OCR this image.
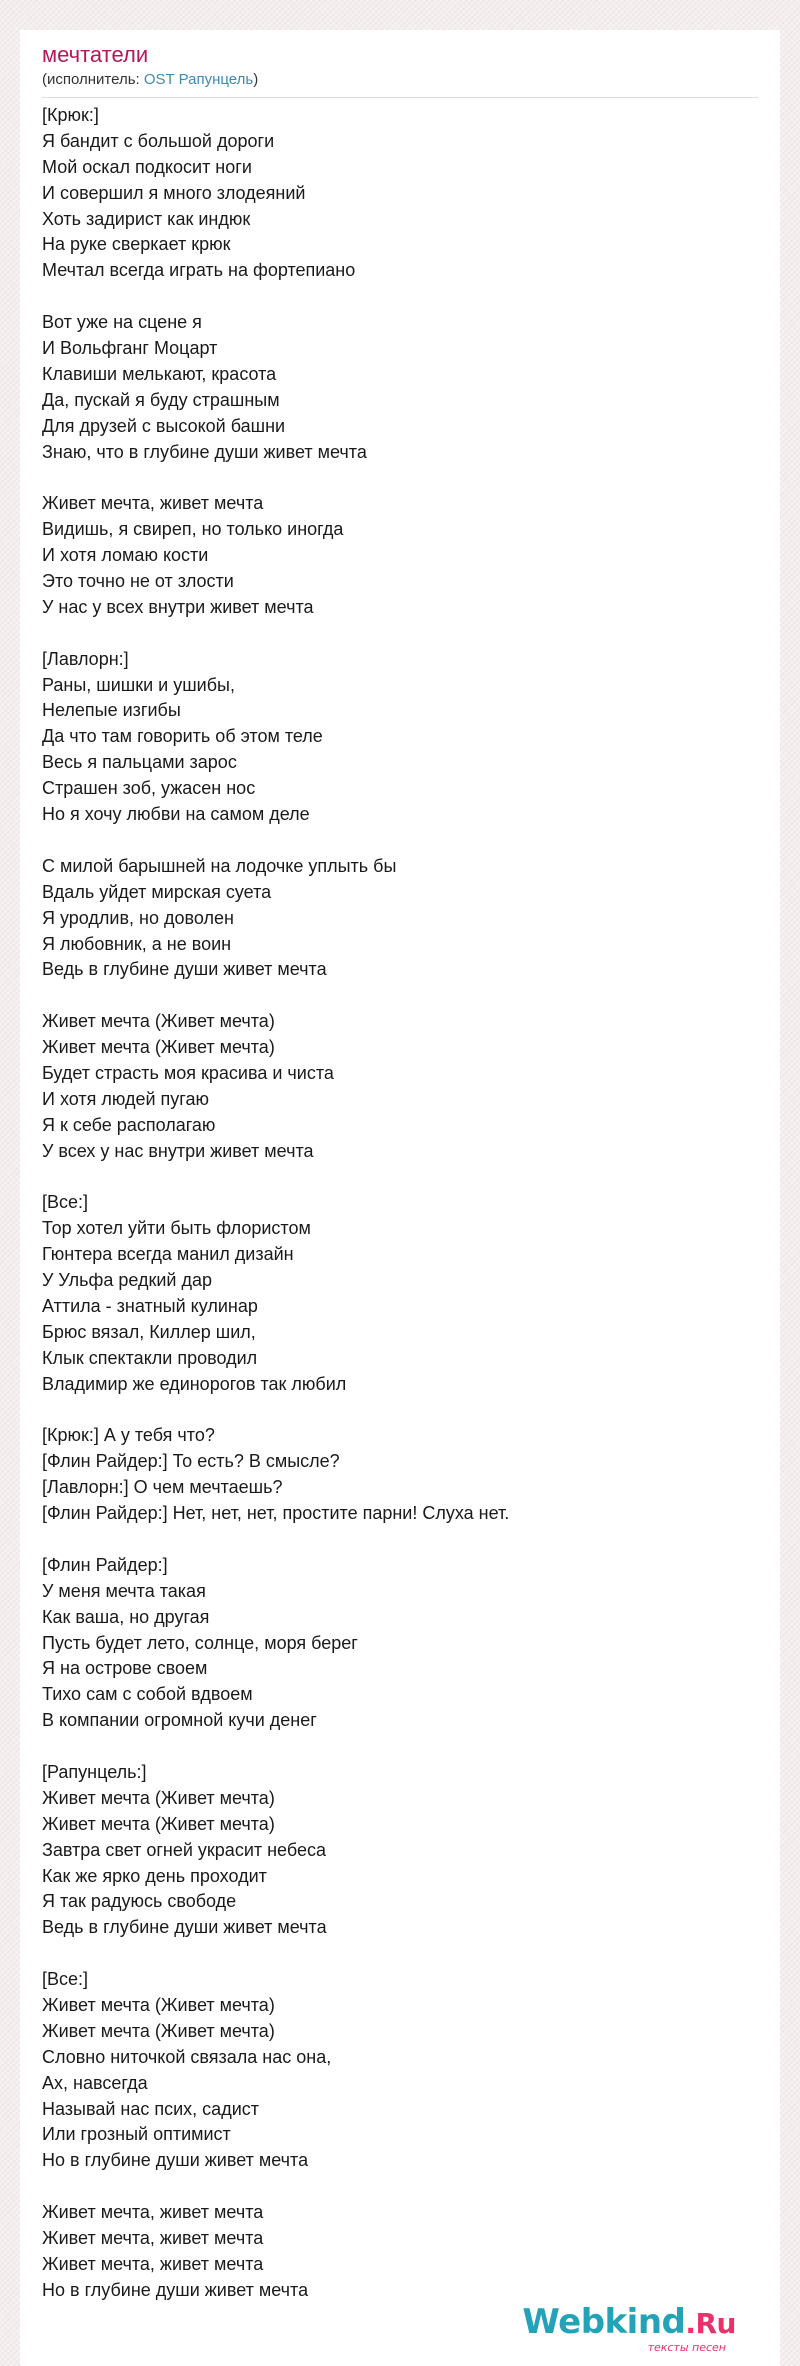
мечтатели
(исполнитель: OST Рапунцель)
[Крюк:]
Я бандит с большой дороги
Мой оскал подкосит ноги
И совершил я много злодеяний
Хоть задирист как индюк
На руке сверкает крюк
Мечтал всегда играть на фортепиано
Вот уже на сцене я
И Вольфганг Моцарт
Клавиши мелькают, красота
Да, пускай я буду страшным
Для друзей с высокой башни
Знаю, что в глубине души живет мечта
Живет мечта, живет мечта
Видишь, я свиреп, но только иногда
И хотя ломаю кости
Это точно не от злости
У нас у всех внутри живет мечта
[Лавлорн:]
Раны, шишки и ушибы,
Нелепые изгибы
Да что там говорить об этом теле
Весь я пальцами зарос
Страшен зоб, ужасен нос
Но я хочу любви на самом деле
С милой барышней на лодочке уплыть бы
Вдаль уйдет мирская суета
Я уродлив, но доволен
Я любовник, а не воин
Ведь в глубине души живет мечта
Живет мечта (Живет мечта)
Живет мечта (Живет мечта)
Будет страсть моя красива и чиста
И хотя людей пугаю
Я к себе располагаю
У всех у нас внутри живет мечта
[Все:]
Тор хотел уйти быть флористом
Гюнтера всегда манил дизайн
У Ульфа редкий дар
Аттила - знатный кулинар
Брюс вязал, Киллер шил,
Клык спектакли проводил
Владимир же единорогов так любил
[Крюк:] А у тебя что?
[Флин Райдер:] То есть? В смысле?
[Лавлорн:] О чем мечтаешь?
[Флин Райдер:] Нет, нет, нет, простите парни! Слуха нет.
[Флин Райдер:]
У меня мечта такая
Как ваша, но другая
Пусть будет лето, солнце, моря берег
Я на острове своем
Тихо сам с собой вдвоем
В компании огромной кучи денег
[Рапунцель:]
Живет мечта (Живет мечта)
Живет мечта (Живет мечта)
Завтра свет огней украсит небеса
Как же ярко день проходит
Я так радуюсь свободе
Ведь в глубине души живет мечта
[Все:]
Живет мечта (Живет мечта)
Живет мечта (Живет мечта)
Словно ниточкой связала нас она,
Ах, навсегда
Называй нас псих, садист
Или грозный оптимист
Но в глубине души живет мечта
Живет мечта, живет мечта
Живет мечта, живет мечта
Живет мечта, живет мечта
Но в глубине души живет мечта
Webkind.Ru
тексты песен
